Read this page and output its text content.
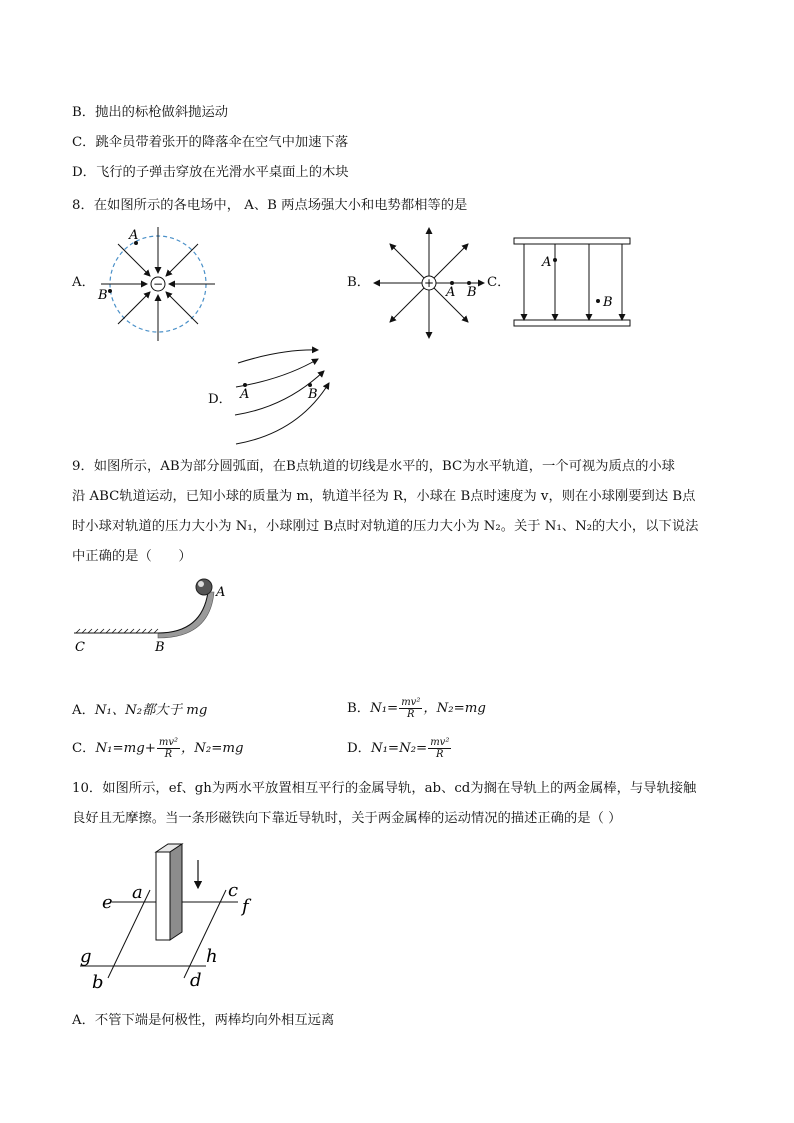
B．抛出的标枪做斜抛运动
C．跳伞员带着张开的降落伞在空气中加速下落
D．飞行的子弹击穿放在光滑水平桌面上的木块
8．在如图所示的各电场中， A、B 两点场强大小和电势都相等的是
A．	−
A
B
B．	+
A B
C．
A
B
D． A	B
9．如图所示，AB为部分圆弧面，在B点轨道的切线是水平的，BC为水平轨道，一个可视为质点的小球
沿 ABC轨道运动，已知小球的质量为 m，轨道半径为 R，小球在 B点时速度为 v，则在小球刚要到达 B点
时小球对轨道的压力大小为 N₁，小球刚过 B点时对轨道的压力大小为 N₂。关于 N₁、N₂的大小，以下说法
中正确的是（　　）
A
B
C
A．N₁、N₂都大于 mg	B．$N_1= \frac{\text{mv²}}{R}$ ，N₂=mg
C．$N_1=mg+ \frac{\text{mv²}}{R}$ ，N₂=mg	D．$N_1=N_2= \frac{\text{mv²}}{R}$
10．如图所示，ef、gh为两水平放置相互平行的金属导轨，ab、cd为搁在导轨上的两金属棒，与导轨接触
良好且无摩擦。当一条形磁铁向下靠近导轨时，关于两金属棒的运动情况的描述正确的是（ ）
e a	c
f
g	h
b	d
A．不管下端是何极性，两棒均向外相互远离
